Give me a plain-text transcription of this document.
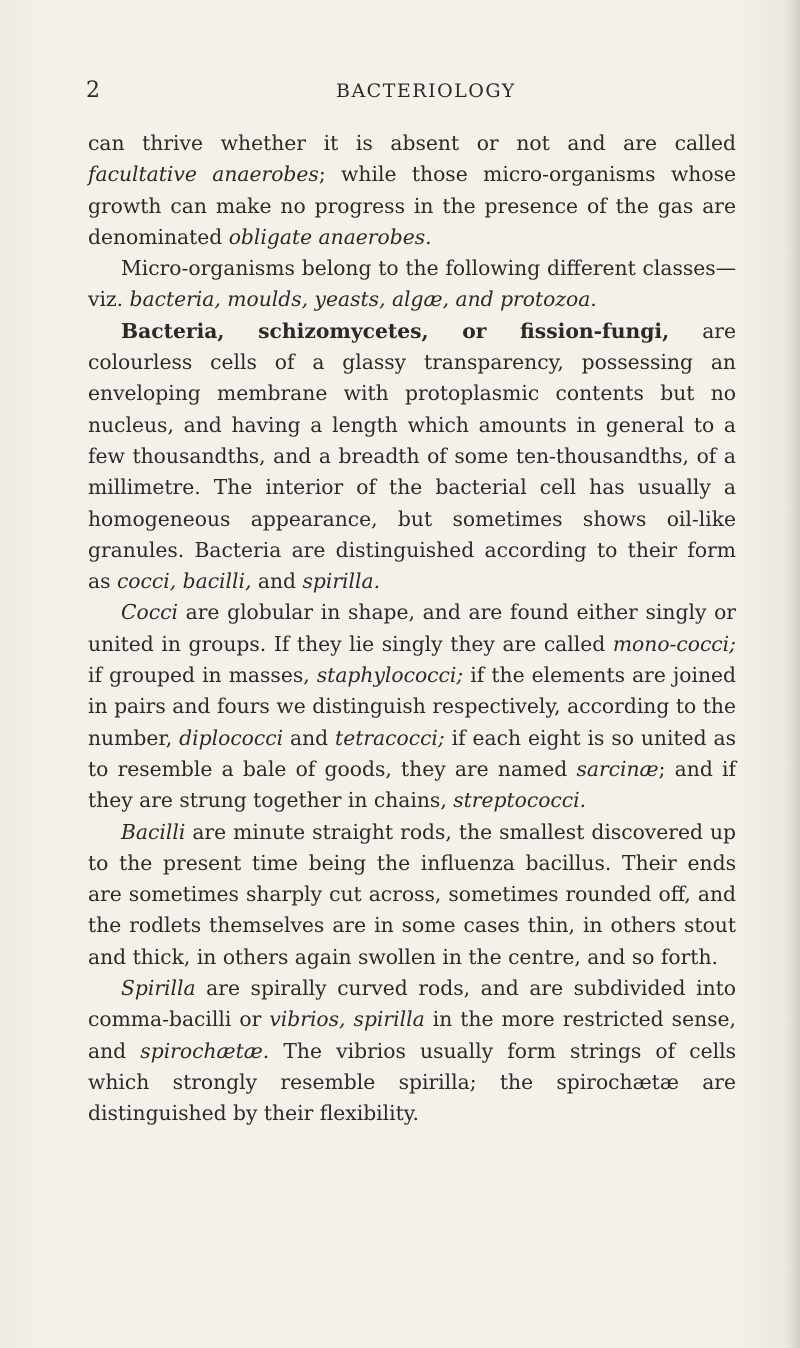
2	BACTERIOLOGY

can thrive whether it is absent or not and are called facultative anaerobes; while those micro-organisms whose growth can make no progress in the presence of the gas are denominated obligate anaerobes.

Micro-organisms belong to the following different classes—viz. bacteria, moulds, yeasts, algæ, and protozoa.

Bacteria, schizomycetes, or fission-fungi, are colourless cells of a glassy transparency, possessing an enveloping membrane with protoplasmic contents but no nucleus, and having a length which amounts in general to a few thousandths, and a breadth of some ten-thousandths, of a millimetre. The interior of the bacterial cell has usually a homogeneous appearance, but sometimes shows oil-like granules. Bacteria are distinguished according to their form as cocci, bacilli, and spirilla.

Cocci are globular in shape, and are found either singly or united in groups. If they lie singly they are called mono-cocci; if grouped in masses, staphylococci; if the elements are joined in pairs and fours we distinguish respectively, according to the number, diplococci and tetracocci; if each eight is so united as to resemble a bale of goods, they are named sarcinæ; and if they are strung together in chains, streptococci.

Bacilli are minute straight rods, the smallest discovered up to the present time being the influenza bacillus. Their ends are sometimes sharply cut across, sometimes rounded off, and the rodlets themselves are in some cases thin, in others stout and thick, in others again swollen in the centre, and so forth.

Spirilla are spirally curved rods, and are subdivided into comma-bacilli or vibrios, spirilla in the more restricted sense, and spirochætæ. The vibrios usually form strings of cells which strongly resemble spirilla; the spirochætæ are distinguished by their flexibility.
